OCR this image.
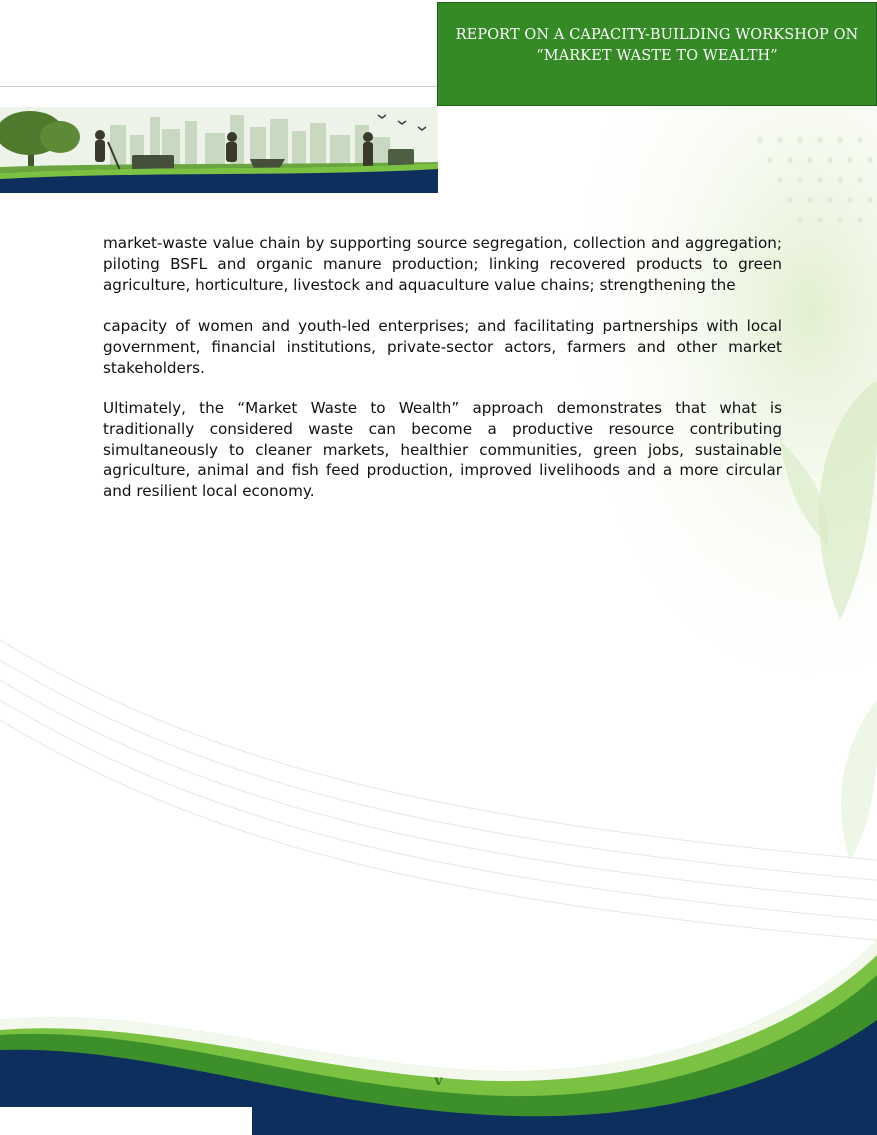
REPORT ON A CAPACITY-BUILDING WORKSHOP ON
“MARKET WASTE TO WEALTH”

market-waste value chain by supporting source segregation, collection and aggregation; piloting BSFL and organic manure production; linking recovered products to green agriculture, horticulture, livestock and aquaculture value chains; strengthening the

capacity of women and youth-led enterprises; and facilitating partnerships with local government, financial institutions, private-sector actors, farmers and other market stakeholders.

Ultimately, the “Market Waste to Wealth” approach demonstrates that what is traditionally considered waste can become a productive resource contributing simultaneously to cleaner markets, healthier communities, green jobs, sustainable agriculture, animal and fish feed production, improved livelihoods and a more circular and resilient local economy.

v
